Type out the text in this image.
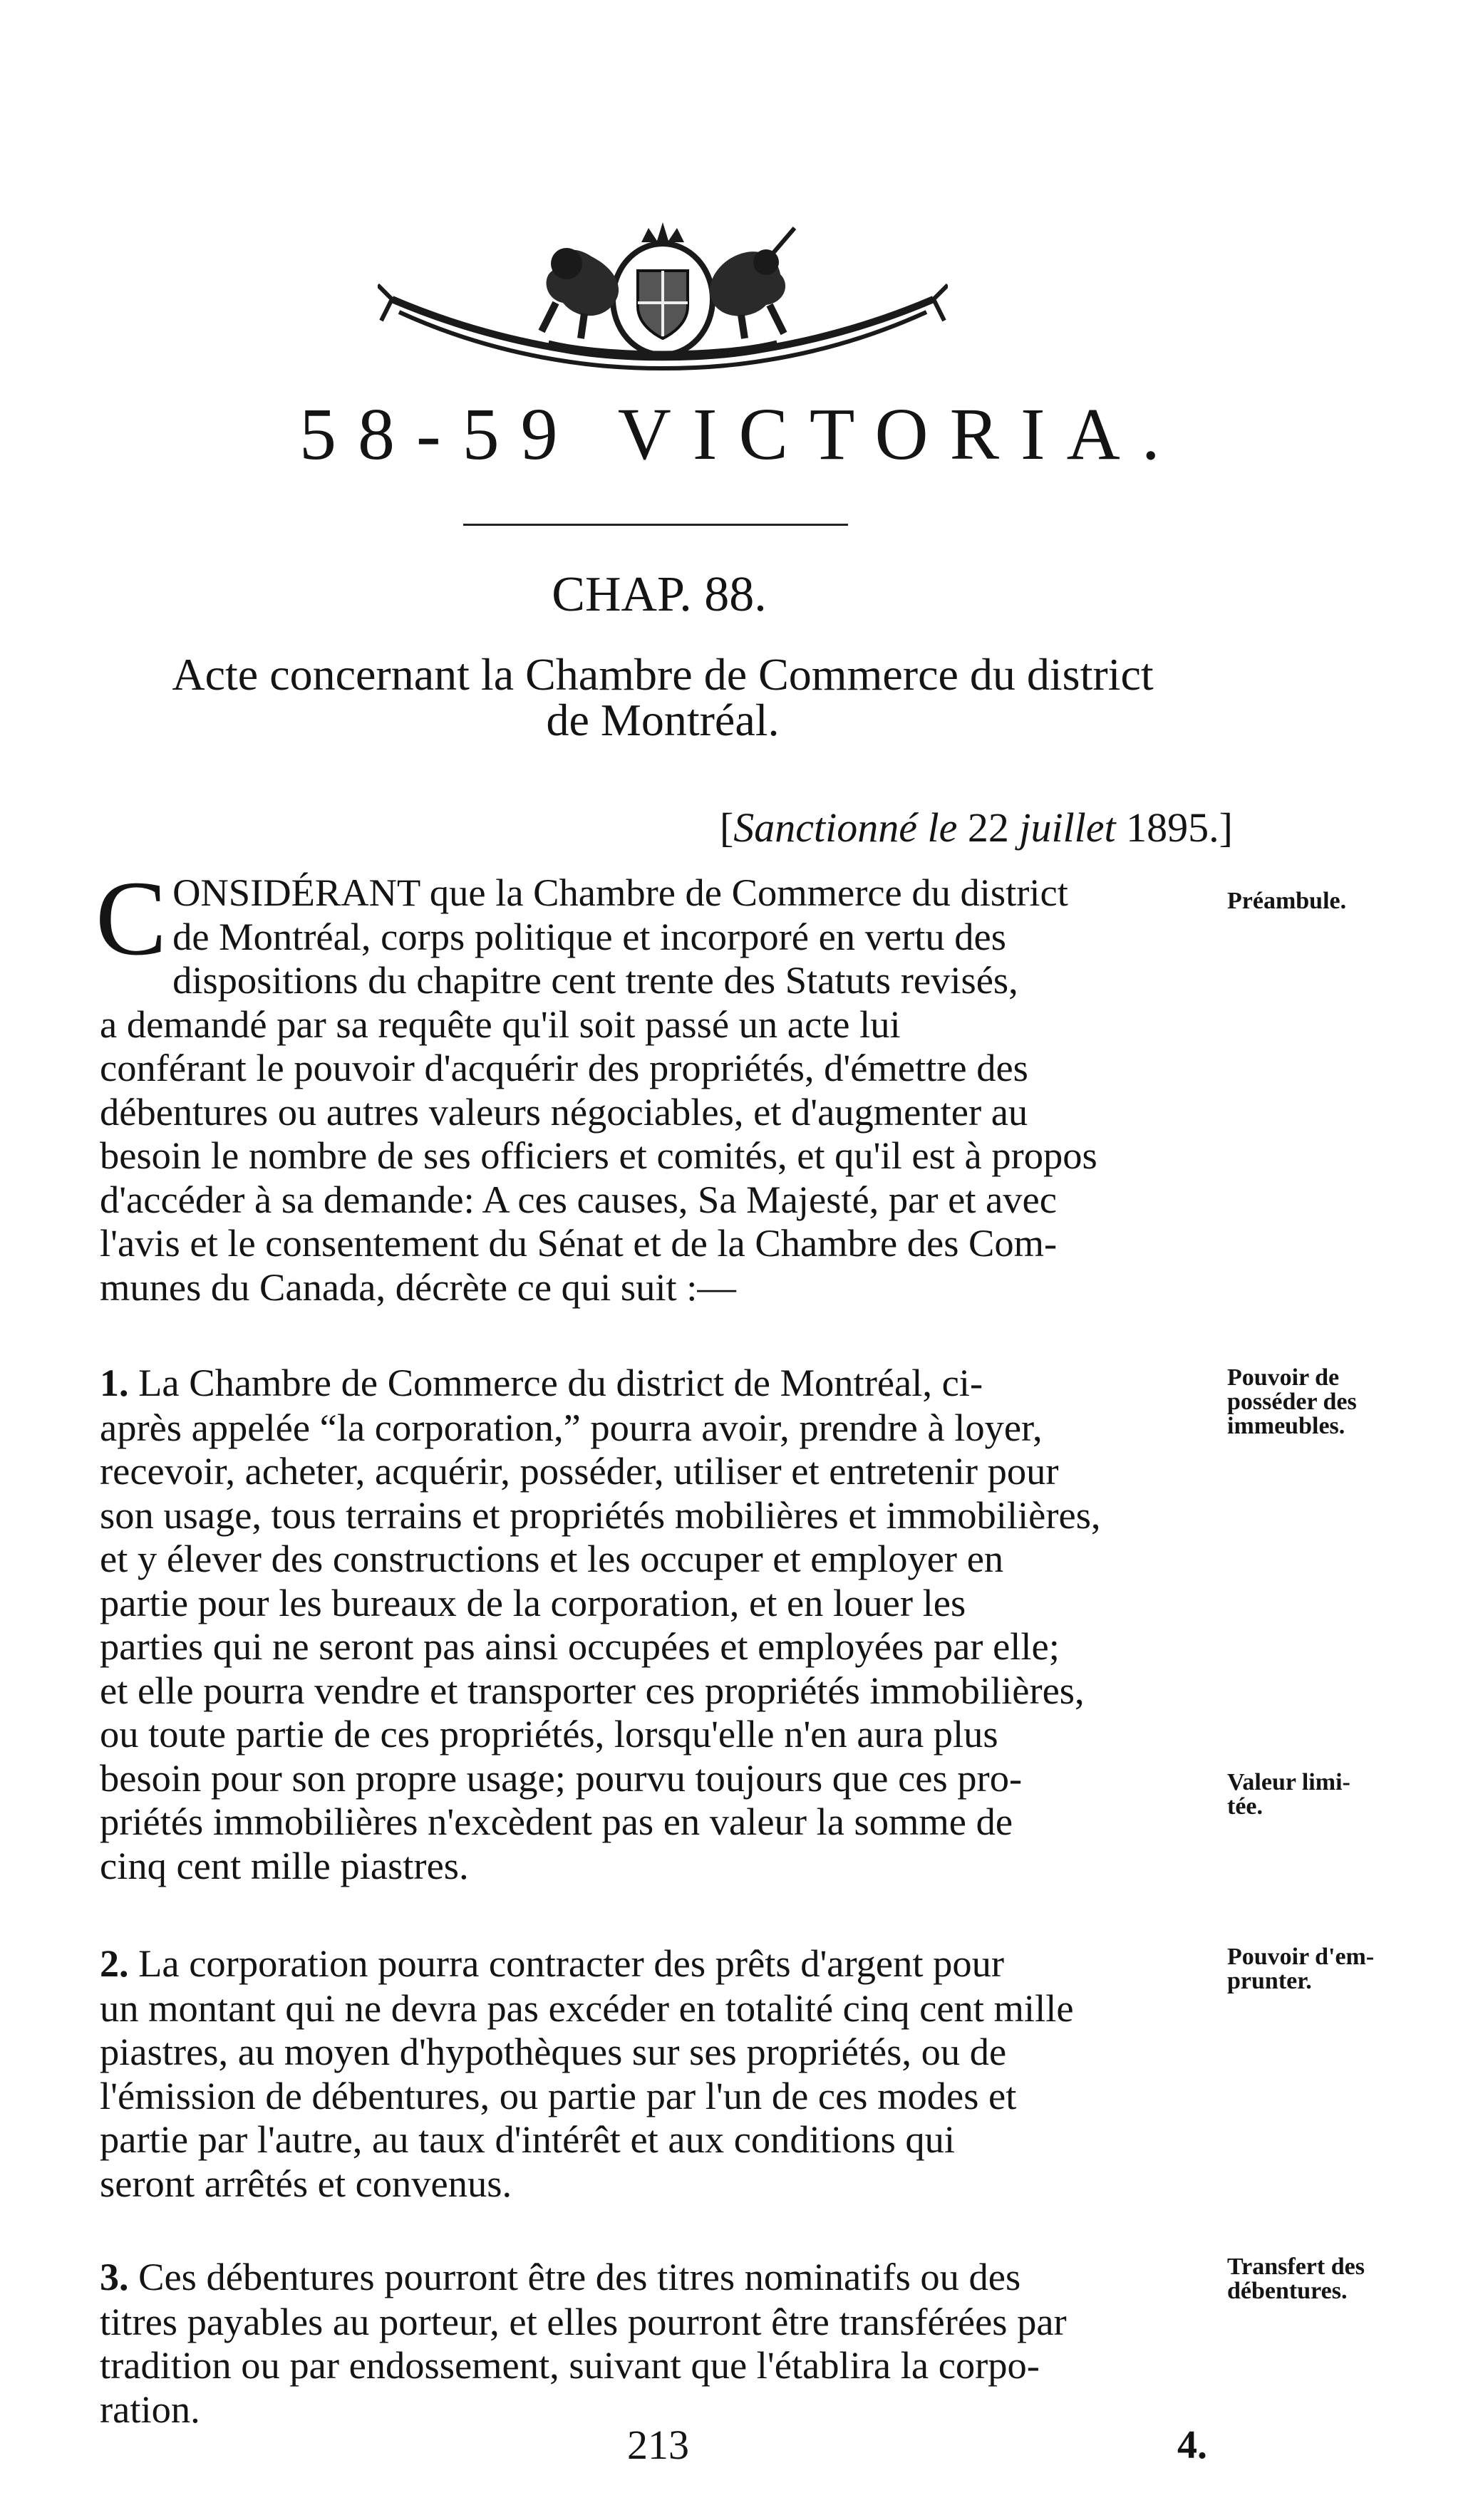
58-59 VICTORIA.
CHAP. 88.
Acte concernant la Chambre de Commerce du district
de Montréal.
[Sanctionné le 22 juillet 1895.]
CONSIDÉRANT que la Chambre de Commerce du district
de Montréal, corps politique et incorporé en vertu des
dispositions du chapitre cent trente des Statuts revisés,
a demandé par sa requête qu'il soit passé un acte lui
conférant le pouvoir d'acquérir des propriétés, d'émettre des
débentures ou autres valeurs négociables, et d'augmenter au
besoin le nombre de ses officiers et comités, et qu'il est à propos
d'accéder à sa demande: A ces causes, Sa Majesté, par et avec
l'avis et le consentement du Sénat et de la Chambre des Com-
munes du Canada, décrète ce qui suit :—
Préambule.
1. La Chambre de Commerce du district de Montréal, ci-
après appelée “la corporation,” pourra avoir, prendre à loyer,
recevoir, acheter, acquérir, posséder, utiliser et entretenir pour
son usage, tous terrains et propriétés mobilières et immobilières,
et y élever des constructions et les occuper et employer en
partie pour les bureaux de la corporation, et en louer les
parties qui ne seront pas ainsi occupées et employées par elle;
et elle pourra vendre et transporter ces propriétés immobilières,
ou toute partie de ces propriétés, lorsqu'elle n'en aura plus
besoin pour son propre usage; pourvu toujours que ces pro-
priétés immobilières n'excèdent pas en valeur la somme de
cinq cent mille piastres.
Pouvoir de
posséder des
immeubles.
Valeur limi-
tée.
2. La corporation pourra contracter des prêts d'argent pour
un montant qui ne devra pas excéder en totalité cinq cent mille
piastres, au moyen d'hypothèques sur ses propriétés, ou de
l'émission de débentures, ou partie par l'un de ces modes et
partie par l'autre, au taux d'intérêt et aux conditions qui
seront arrêtés et convenus.
Pouvoir d'em-
prunter.
3. Ces débentures pourront être des titres nominatifs ou des
titres payables au porteur, et elles pourront être transférées par
tradition ou par endossement, suivant que l'établira la corpo-
ration.
Transfert des
débentures.
213	4.
